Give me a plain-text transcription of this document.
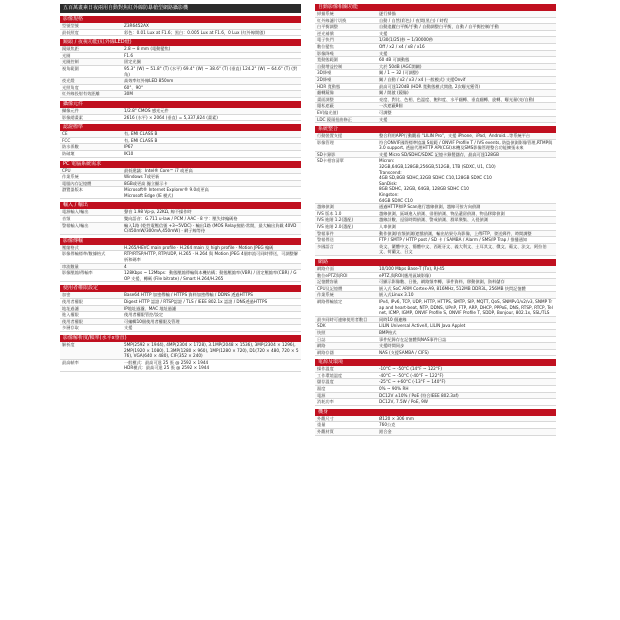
五百萬畫素日夜兩用自動對焦紅外線防暴槍型網路攝影機
影像規格
型號型號	Z3R6452AX
最低照度	彩色：0.01 Lux at F1.6；黑白：0.005 Lux at F1.6，0 Lux (紅外線開啟)
鏡頭 / 夜視功能(紅外線LED燈)
鏡頭焦距	2.8 ~ 8 mm (電動變焦)
光圈	F1.6
光圈控制	固定光圈
視角範圍	95.3° (W) ~ 51.8° (T) (水平) 69.4° (W) ~ 38.6° (T) (垂直) 124.2° (W) ~ 64.6° (T) (對角)
夜光燈	高效率紅外線LED 850nm
光照角度	60°、90°
紅外線投射有效距離	30M
攝像元件
攝像元件	1/2.8" CMOS 感光元件
影像總畫素	2616 (水平) × 2064 (垂直) = 5,337,824 (畫素)
認證標準
CE	有, EMI CLASS B
FCC	有, EMI CLASS B
防水係數	IP67
防破壞	IK10
PC 電腦系統需求
CPU	最低建議：Intel® Core™ i7 或更高
作業系統	Windows 7或更新
電腦內存記憶體	8GB或更高 獨立顯示卡
瀏覽器版本	Microsoft® Internet Explorer® 9.0或更高
Microsoft Edge (IE 模式)
輸入 / 輸出
電源輸入/輸出	聲音 1.98 Vp-p, 22KΩ, 線不操作時
音頻	雙向語音：G.711 u-law / PCM / AAC · 8 字：壓失律編碼格
警報輸入/輸出	輸入1路 (乾性電壓信號 +3~5VDC) · 輸出1路 (MOS Relay接點·常開，最大輸出負載 40VDC/450mW/300mA,450mW) · 網子線等待
影像傳輸
壓縮格式	H.265/HEVC main profile · H.264 main 及 high profile · Motion JPEG 編碼
影像傳輸標準/數據格式	RTP/RTSP/HTTP, RTP/UDP, H.265 · H.264 與 Motion JPEG 4個串流可同時傳送，可調整解析和碼率
串流數量	4
影像壓縮/傳輸率	128Kbps ~ 12Mbps：動態壓縮傳輸與本機結構；動態壓縮率(VBR) / 固定壓縮率(CBR) / GOP 支援，轉碼 (File bitrate) / Smart H.264/H.265
使用者權限設定
加密	Base64 HTTP 加密傳輸 / HTTPS 資料加密傳輸 / DDNS 透過HTTPS
使用者權限	Digest HTTP 認證 / RTSP認證 / TLS / IEEE 802.1x 認證 / DNS透過HTTPS
地址過濾	IP地址過濾、MAC 地址過濾
進入權限	使用者權限管控/設定
使用者權限	可編輯10個使用者權限及管理
多層存取	支援
影像解析度/幀率(水平x垂直)
解析度	5MP(2592 × 1944), 4MP(2304 × 1728), 3.1MP(2048 × 1536), 3MP(2304 × 1296), 2MP(1920 × 1080), 1.3MP(1280 × 960), 1MP(1280 × 720), D1(720 × 480, 720 × 576), VGA(640 × 480), CIF(352 × 240)
最高幀率	一般模式：最高可達 25 張 @ 2592 × 1944
HDR模式：最高可達 25 張 @ 2592 × 1944
自動影像相關功能
掃描系統	逐行掃描
紅外線濾片切換	自動 / 自然(彩色) / 夜間(黑白) / 時程
白平衡調整	自動追蹤白平衡/手動 / 自動調整白平衡，自動 / 自平衡控制/手動
逆光補償	支援
電子快門	1/30(1/25)秒 ~ 1/30000秒
數位變焦	Off / x2 / x4 / x8 / x16
影像降噪	支援
寬動態範圍	60 dB 可調動態
自動增益控制	大於 50dB (AGC開關)
3D降噪	關 / 1 ~ 32 (可調整)
2D降噪	關 / 自動 / x2 / x3 / x4 (一般模式) 支援Onvif
HDR 寬動態	最高可達120dB (HDR 寬動態模式開啟, 2次曝光獲得)
翻轉鏡像	關 / 開啟 (鏡像)
畫面調整	亮度、對比、色相、色溫度、飽和度、水平翻轉、垂直翻轉、旋轉、曝光量(亮/自動)
隱私遮蔽	一次遮蔽8個
EV(偏光值)	可調整
LDC 鏡頭扭曲修正	支援
系統整合
行動裝置支援	整合利用APP行動觀看 "LILIN Pro"，支援 iPhone、iPad、Android...等系統平台
影像管理	符合ONVIF國際標準協議 S規範 / ONVIF Profile T / IVS events, 防盜偵測影像管理,RTMP與3.0 support, 透過代理HTTP API(CGI)本機及SMS影像管理整合功能擴張未來
SD卡錄影	支援 Micro SD/SDHC/SDXC 記憶卡錄製儲存，最高可達128GB
SD卡相容清單	Micron:
32GB,64GB,128GB,256GB,512GB, 1TB (SDXC, U1, C10)
Transcend:
4GB SD,8GB SDHC,32GB SDHC C10,128GB SDXC C10
SanDisk:
8GB SDHC, 32GB, 64GB, 128GB SDHC C10
Kingston:
64GB SDXC C10
越線偵測	通過HTTP和IP Scan進行越線偵測，越線可按方向偵測
IVS 版本 1.0	越線偵測、區域進入偵測、徘徊偵測、物品遺留偵測、物品移除偵測
IVS 進階 1.2(選配)	越線計數、逗留時間偵測、警戒偵測、群眾聚集、入侵偵測
IVS 進階 2.0(選配)	人車偵測
警報事件	動作偵測/音頻偵測/遮擋偵測，輸出結果分為影像，上傳FTP、發送郵件、時間調整
警報傳送	FTP / SMTP / HTTP post / SD 卡 / SAMBA / Alarm / SMS/IP Trap / 推播通知
多國語言	英文、繁體中文、簡體中文、西班牙文、義大利文、土耳其文、俄文、葡文、法文、阿拉伯文、荷蘭文、日文
網路
網路介面	10/100 Mbps Base-T (Tx), RJ-45
數位ePTZ與ROI	ePTZ,與ROI(應用區域影像)
記憶體容量	可顯示影像數、日後，網路頻率轉，事件資料，移動偵測，資料儲存
CPU及記憶體	嵌入式 SoC ARM Cortex-A9, 816MHz, 512MB DDR3L, 256MB 快閃記憶體
作業系統	嵌入式Linux 3.10
網路傳輸協定	IPv4, IPv6, TCP, UDP, HTTP, HTTPS, SMTP, SIP, MQTT, QoS, SNMPv1/v2/v3, SNMP Trap and heart-beat, NTP, DDNS, UPnP, FTP, ARP, DHCP, PPPoE, DNS, RTSP, RTCP, Telnet, ICMP, IGMP, ONVIF Profile S, ONVIF Profile T, SDDP, Bonjour, 802.1x, SSL/TLS
最多同時可連線使用者數目	同時10 個連線
SDK	LILIN Universal ActiveX, LILIN Java Applet
快照	BMP格式
日誌	事件紀錄存在記憶體與NAS事件日誌
網路	支援時間同步
網路存儲	NAS (支援SAMBA / CIFS)
電源及環境
操作溫度	-10°C ~ -50°C (14°F ~ 122°F)
工作環境溫度	-40°C ~ -50°C (-40°F ~ 122°F)
儲存溫度	-25°C ~ +60°C (-13°F ~ 140°F)
濕度	0% ~ 90% RH
電源	DC12V ±10% / PoE (符合IEEE 802.3af)
消耗功率	DC12V, 7.5W / PoE, 9W
機身
外觀尺寸	Ø120 × 306 mm
重量	760公克
外觀材質	鋁合金
